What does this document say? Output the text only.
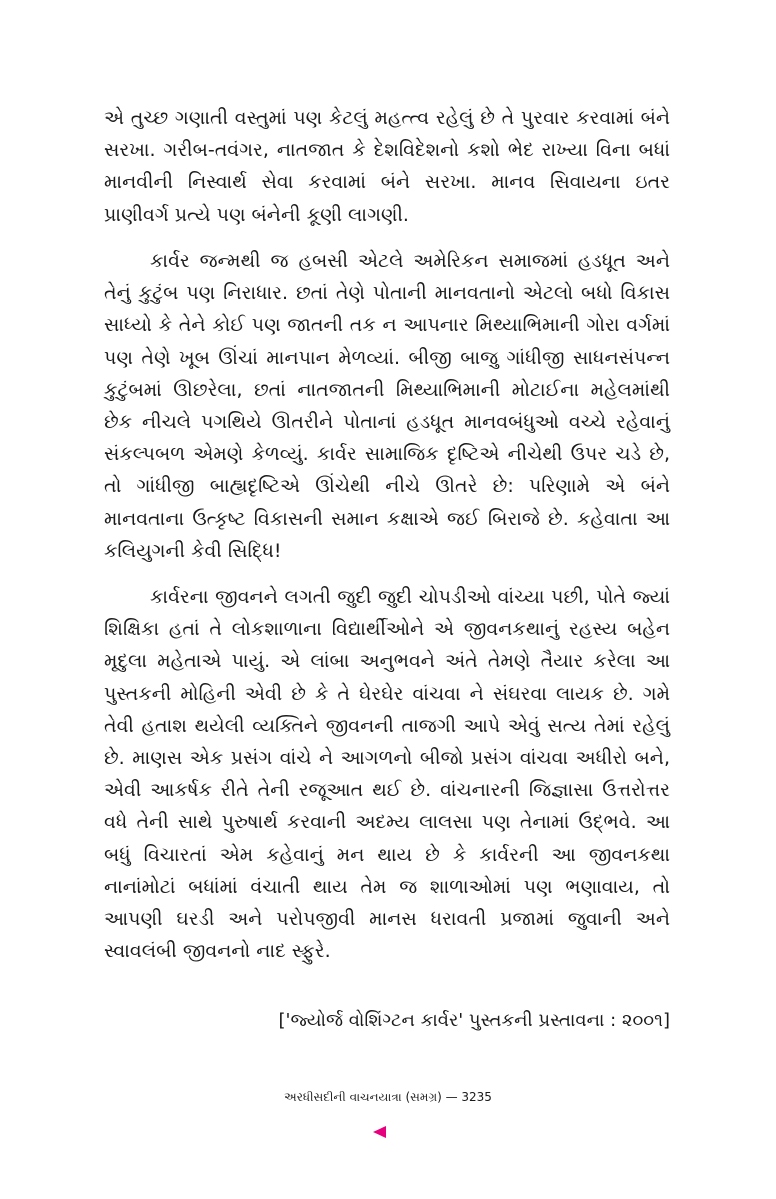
એ તુચ્છ ગણાતી વસ્તુમાં પણ કેટલું મહત્ત્વ રહેલું છે તે પુરવાર કરવામાં બંને સરખા. ગરીબ-તવંગર, નાતજાત કે દેશવિદેશનો કશો ભેદ રાખ્યા વિના બધાં માનવીની નિસ્વાર્થ સેવા કરવામાં બંને સરખા. માનવ સિવાયના ઇતર પ્રાણીવર્ગ પ્રત્યે પણ બંનેની કૂણી લાગણી.

કાર્વર જન્મથી જ હબસી એટલે અમેરિકન સમાજમાં હડધૂત અને તેનું કુટુંબ પણ નિરાધાર. છતાં તેણે પોતાની માનવતાનો એટલો બધો વિકાસ સાધ્યો કે તેને કોઈ પણ જાતની તક ન આપનાર મિથ્યાભિમાની ગોરા વર્ગમાં પણ તેણે ખૂબ ઊંચાં માનપાન મેળવ્યાં. બીજી બાજુ ગાંધીજી સાધનસંપન્ન કુટુંબમાં ઊછરેલા, છતાં નાતજાતની મિથ્યાભિમાની મોટાઈના મહેલમાંથી છેક નીચલે પગથિયે ઊતરીને પોતાનાં હડધૂત માનવબંધુઓ વચ્ચે રહેવાનું સંકલ્પબળ એમણે કેળવ્યું. કાર્વર સામાજિક દૃષ્ટિએ નીચેથી ઉપર ચડે છે, તો ગાંધીજી બાહ્યદૃષ્ટિએ ઊંચેથી નીચે ઊતરે છે: પરિણામે એ બંને માનવતાના ઉત્કૃષ્ટ વિકાસની સમાન કક્ષાએ જઈ બિરાજે છે. કહેવાતા આ કલિયુગની કેવી સિદ્ધિ!

કાર્વરના જીવનને લગતી જુદી જુદી ચોપડીઓ વાંચ્યા પછી, પોતે જ્યાં શિક્ષિકા હતાં તે લોકશાળાના વિદ્યાર્થીઓને એ જીવનકથાનું રહસ્ય બહેન મૃદુલા મહેતાએ પાયું. એ લાંબા અનુભવને અંતે તેમણે તૈયાર કરેલા આ પુસ્તકની મોહિની એવી છે કે તે ઘેરઘેર વાંચવા ને સંઘરવા લાયક છે. ગમે તેવી હતાશ થયેલી વ્યક્તિને જીવનની તાજગી આપે એવું સત્ય તેમાં રહેલું છે. માણસ એક પ્રસંગ વાંચે ને આગળનો બીજો પ્રસંગ વાંચવા અધીરો બને, એવી આકર્ષક રીતે તેની રજૂઆત થઈ છે. વાંચનારની જિજ્ઞાસા ઉત્તરોત્તર વધે તેની સાથે પુરુષાર્થ કરવાની અદમ્ય લાલસા પણ તેનામાં ઉદ્ભવે. આ બધું વિચારતાં એમ કહેવાનું મન થાય છે કે કાર્વરની આ જીવનકથા નાનાંમોટાં બધાંમાં વંચાતી થાય તેમ જ શાળાઓમાં પણ ભણાવાય, તો આપણી ઘરડી અને પરોપજીવી માનસ ધરાવતી પ્રજામાં જુવાની અને સ્વાવલંબી જીવનનો નાદ સ્ફુરે.

['જ્યોર્જ વોશિંગ્ટન કાર્વર' પુસ્તકની પ્રસ્તાવના : ૨૦૦૧]
અરધીસદીની વાચનયાત્રા (સમગ્ર) — 3235
